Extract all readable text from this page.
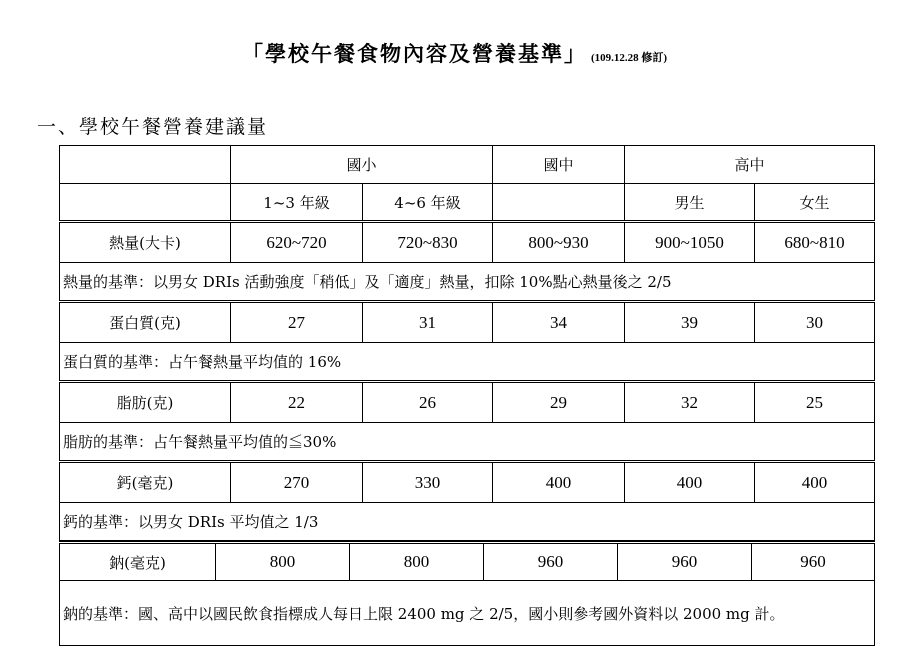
「學校午餐食物內容及營養基準」 (109.12.28 修訂)
一、學校午餐營養建議量
	國小		國中	高中	
	1~3 年級	4~6 年級		男生	女生
熱量(大卡)	620~720	720~830	800~930	900~1050	680~810
熱量的基準：以男女 DRIs 活動強度「稍低」及「適度」熱量，扣除 10%點心熱量後之 2/5					
蛋白質(克)	27	31	34	39	30
蛋白質的基準：占午餐熱量平均值的 16%					
脂肪(克)	22	26	29	32	25
脂肪的基準：占午餐熱量平均值的≦30%					
鈣(毫克)	270	330	400	400	400
鈣的基準：以男女 DRIs 平均值之 1/3					
鈉(毫克)	800	800	960	960	960
鈉的基準：國、高中以國民飲食指標成人每日上限 2400 mg 之 2/5，國小則參考國外資料以 2000 mg 計。
